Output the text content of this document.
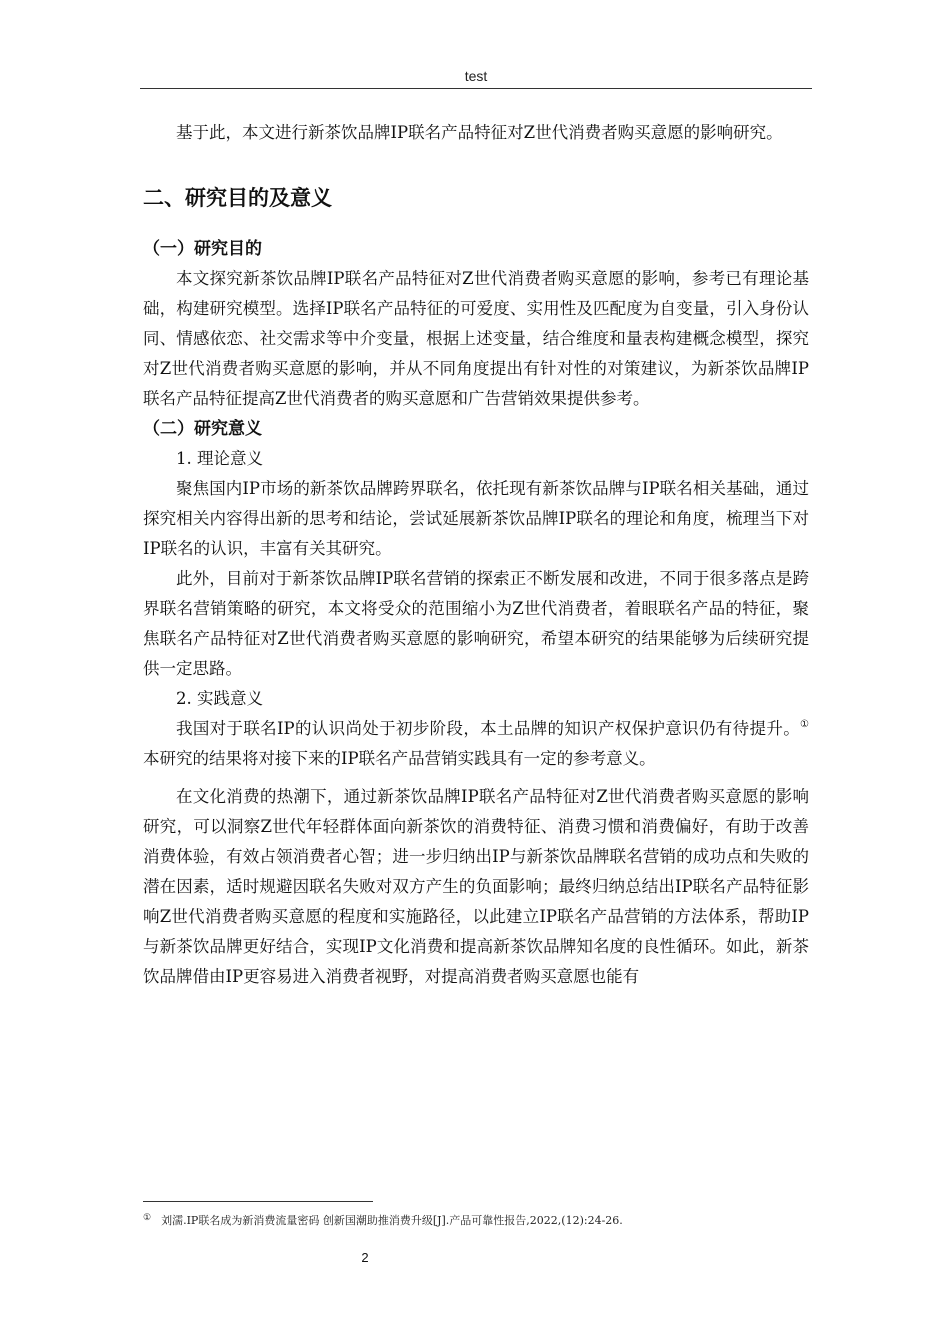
test

基于此，本文进行新茶饮品牌IP联名产品特征对Z世代消费者购买意愿的影响研究。

二、研究目的及意义
（一）研究目的

本文探究新茶饮品牌IP联名产品特征对Z世代消费者购买意愿的影响，参考已有理论基础，构建研究模型。选择IP联名产品特征的可爱度、实用性及匹配度为自变量，引入身份认同、情感依恋、社交需求等中介变量，根据上述变量，结合维度和量表构建概念模型，探究对Z世代消费者购买意愿的影响，并从不同角度提出有针对性的对策建议，为新茶饮品牌IP联名产品特征提高Z世代消费者的购买意愿和广告营销效果提供参考。

（二）研究意义
1. 理论意义

聚焦国内IP市场的新茶饮品牌跨界联名，依托现有新茶饮品牌与IP联名相关基础，通过探究相关内容得出新的思考和结论，尝试延展新茶饮品牌IP联名的理论和角度，梳理当下对IP联名的认识，丰富有关其研究。

此外，目前对于新茶饮品牌IP联名营销的探索正不断发展和改进，不同于很多落点是跨界联名营销策略的研究，本文将受众的范围缩小为Z世代消费者，着眼联名产品的特征，聚焦联名产品特征对Z世代消费者购买意愿的影响研究，希望本研究的结果能够为后续研究提供一定思路。

2. 实践意义

我国对于联名IP的认识尚处于初步阶段，本土品牌的知识产权保护意识仍有待提升。①本研究的结果将对接下来的IP联名产品营销实践具有一定的参考意义。

在文化消费的热潮下，通过新茶饮品牌IP联名产品特征对Z世代消费者购买意愿的影响研究，可以洞察Z世代年轻群体面向新茶饮的消费特征、消费习惯和消费偏好，有助于改善消费体验，有效占领消费者心智；进一步归纳出IP与新茶饮品牌联名营销的成功点和失败的潜在因素，适时规避因联名失败对双方产生的负面影响；最终归纳总结出IP联名产品特征影响Z世代消费者购买意愿的程度和实施路径，以此建立IP联名产品营销的方法体系，帮助IP与新茶饮品牌更好结合，实现IP文化消费和提高新茶饮品牌知名度的良性循环。如此，新茶饮品牌借由IP更容易进入消费者视野，对提高消费者购买意愿也能有

① 刘濡.IP联名成为新消费流量密码 创新国潮助推消费升级[J].产品可靠性报告,2022,(12):24-26.
2
